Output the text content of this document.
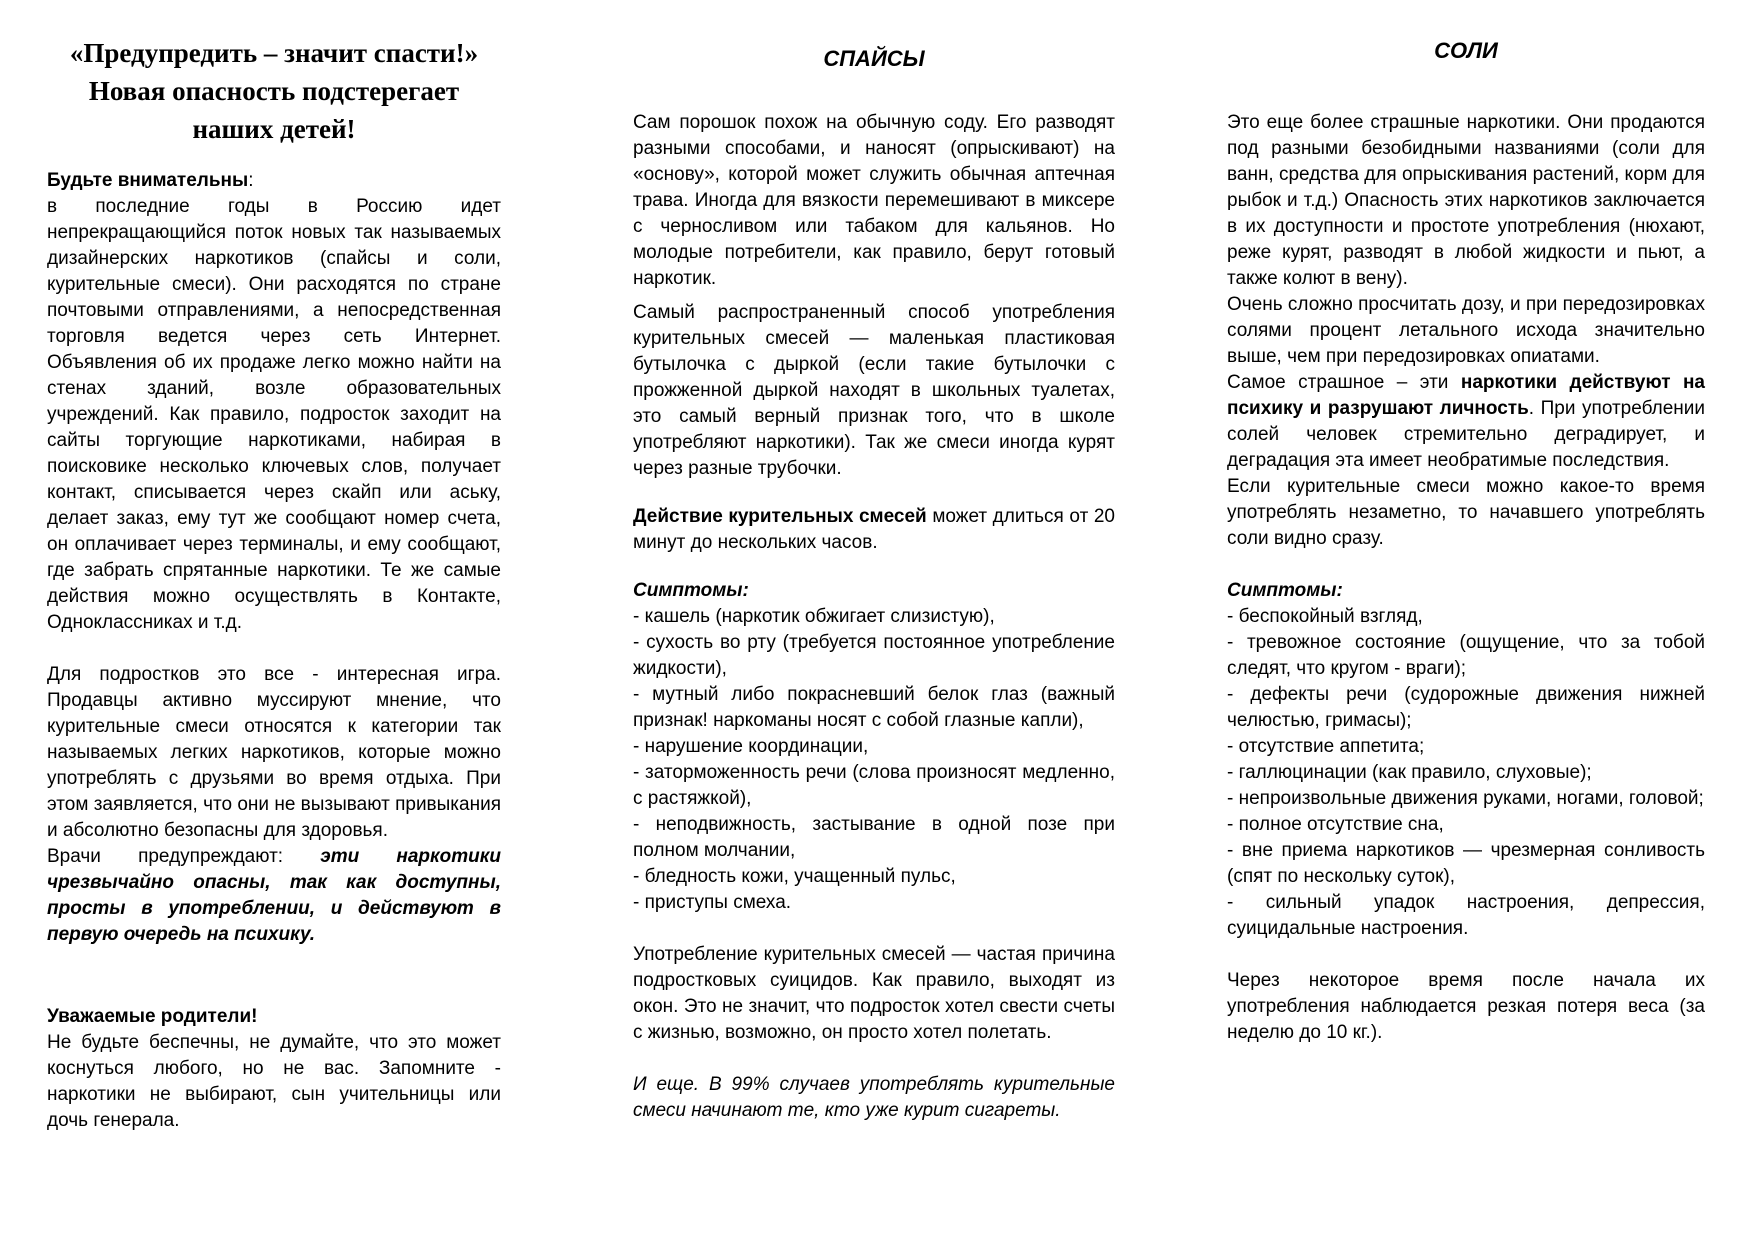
«Предупредить – значит спасти!» Новая опасность подстерегает наших детей!
Будьте внимательны:
в последние годы в Россию идет непрекращающийся поток новых так называемых дизайнерских наркотиков (спайсы и соли, курительные смеси). Они расходятся по стране почтовыми отправлениями, а непосредственная торговля ведется через сеть Интернет. Объявления об их продаже легко можно найти на стенах зданий, возле образовательных учреждений. Как правило, подросток заходит на сайты торгующие наркотиками, набирая в поисковике несколько ключевых слов, получает контакт, списывается через скайп или аську, делает заказ, ему тут же сообщают номер счета, он оплачивает через терминалы, и ему сообщают, где забрать спрятанные наркотики. Те же самые действия можно осуществлять в Контакте, Одноклассниках и т.д.
Для подростков это все - интересная игра. Продавцы активно муссируют мнение, что курительные смеси относятся к категории так называемых легких наркотиков, которые можно употреблять с друзьями во время отдыха. При этом заявляется, что они не вызывают привыкания и абсолютно безопасны для здоровья.
Врачи предупреждают: эти наркотики чрезвычайно опасны, так как доступны, просты в употреблении, и действуют в первую очередь на психику.
Уважаемые родители!
Не будьте беспечны, не думайте, что это может коснуться любого, но не вас. Запомните - наркотики не выбирают, сын учительницы или дочь генерала.
СПАЙСЫ
Сам порошок похож на обычную соду. Его разводят разными способами, и наносят (опрыскивают) на «основу», которой может служить обычная аптечная трава. Иногда для вязкости перемешивают в миксере с черносливом или табаком для кальянов. Но молодые потребители, как правило, берут готовый наркотик.
Самый распространенный способ употребления курительных смесей — маленькая пластиковая бутылочка с дыркой (если такие бутылочки с прожженной дыркой находят в школьных туалетах, это самый верный признак того, что в школе употребляют наркотики). Так же смеси иногда курят через разные трубочки.
Действие курительных смесей может длиться от 20 минут до нескольких часов.
Симптомы:
- кашель (наркотик обжигает слизистую),
- сухость во рту (требуется постоянное употребление жидкости),
- мутный либо покрасневший белок глаз (важный признак! наркоманы носят с собой глазные капли),
- нарушение координации,
- заторможенность речи (слова произносят медленно, с растяжкой),
- неподвижность, застывание в одной позе при полном молчании,
- бледность кожи, учащенный пульс,
- приступы смеха.
Употребление курительных смесей — частая причина подростковых суицидов. Как правило, выходят из окон. Это не значит, что подросток хотел свести счеты с жизнью, возможно, он просто хотел полетать.
И еще. В 99% случаев употреблять курительные смеси начинают те, кто уже курит сигареты.
СОЛИ
Это еще более страшные наркотики. Они продаются под разными безобидными названиями (соли для ванн, средства для опрыскивания растений, корм для рыбок и т.д.) Опасность этих наркотиков заключается в их доступности и простоте употребления (нюхают, реже курят, разводят в любой жидкости и пьют, а также колют в вену).
Очень сложно просчитать дозу, и при передозировках солями процент летального исхода значительно выше, чем при передозировках опиатами.
Самое страшное – эти наркотики действуют на психику и разрушают личность. При употреблении солей человек стремительно деградирует, и деградация эта имеет необратимые последствия.
Если курительные смеси можно какое-то время употреблять незаметно, то начавшего употреблять соли видно сразу.
Симптомы:
- беспокойный взгляд,
- тревожное состояние (ощущение, что за тобой следят, что кругом - враги);
- дефекты речи (судорожные движения нижней челюстью, гримасы);
- отсутствие аппетита;
- галлюцинации (как правило, слуховые);
- непроизвольные движения руками, ногами, головой;
- полное отсутствие сна,
- вне приема наркотиков — чрезмерная сонливость (спят по нескольку суток),
- сильный упадок настроения, депрессия, суицидальные настроения.
Через некоторое время после начала их употребления наблюдается резкая потеря веса (за неделю до 10 кг.).
